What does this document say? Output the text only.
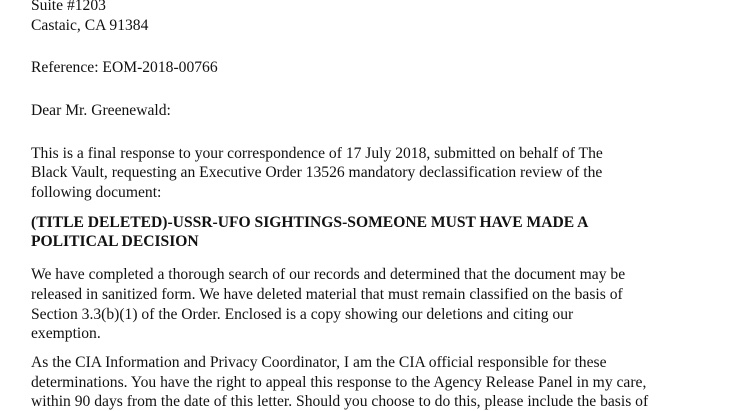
Suite #1203
Castaic, CA 91384
Reference: EOM-2018-00766
Dear Mr. Greenewald:
This is a final response to your correspondence of 17 July 2018, submitted on behalf of The
Black Vault, requesting an Executive Order 13526 mandatory declassification review of the
following document:
(TITLE DELETED)-USSR-UFO SIGHTINGS-SOMEONE MUST HAVE MADE A
POLITICAL DECISION
We have completed a thorough search of our records and determined that the document may be
released in sanitized form. We have deleted material that must remain classified on the basis of
Section 3.3(b)(1) of the Order. Enclosed is a copy showing our deletions and citing our
exemption.
As the CIA Information and Privacy Coordinator, I am the CIA official responsible for these
determinations. You have the right to appeal this response to the Agency Release Panel in my care,
within 90 days from the date of this letter. Should you choose to do this, please include the basis of
